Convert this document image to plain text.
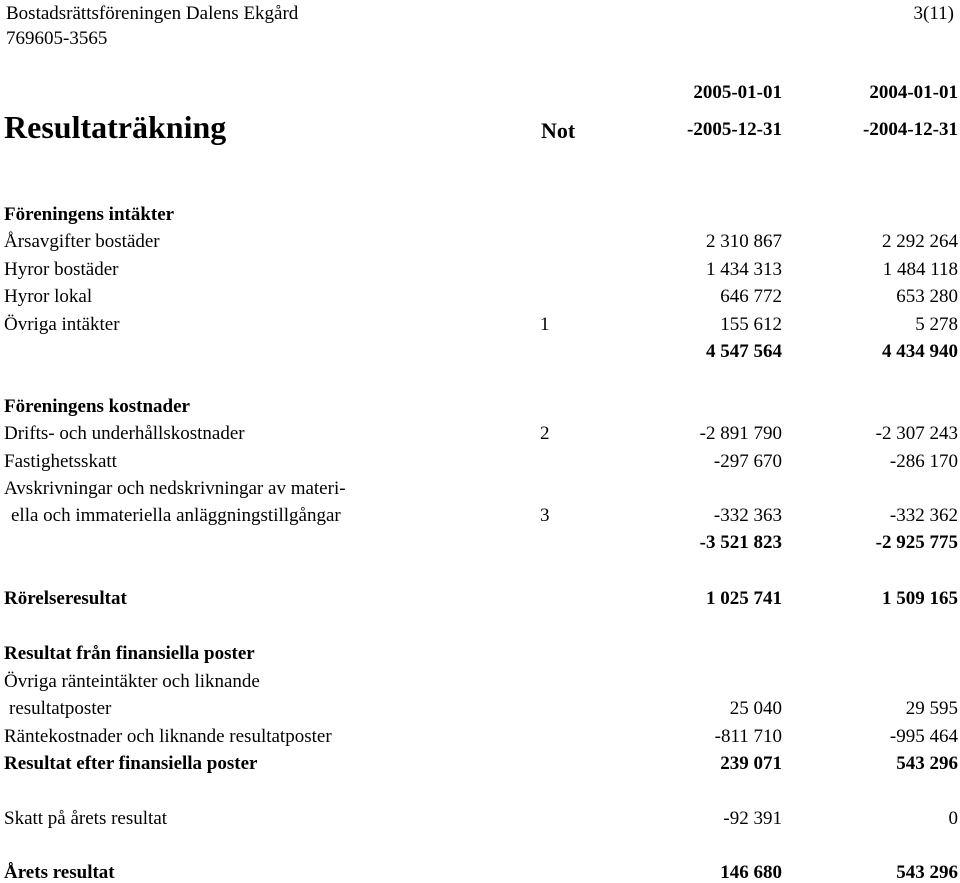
Bostadsrättsföreningen Dalens Ekgård
769605-3565
3(11)
2005-01-01	2004-01-01
Resultaträkning	Not	-2005-12-31	-2004-12-31
Föreningens intäkter
Årsavgifter bostäder	2 310 867	2 292 264
Hyror bostäder	1 434 313	1 484 118
Hyror lokal	646 772	653 280
Övriga intäkter	1	155 612	5 278
4 547 564	4 434 940
Föreningens kostnader
Drifts- och underhållskostnader	2	-2 891 790	-2 307 243
Fastighetsskatt	-297 670	-286 170
Avskrivningar och nedskrivningar av materi-
ella och immateriella anläggningstillgångar	3	-332 363	-332 362
-3 521 823	-2 925 775
Rörelseresultat	1 025 741	1 509 165
Resultat från finansiella poster
Övriga ränteintäkter och liknande
resultatposter	25 040	29 595
Räntekostnader och liknande resultatposter	-811 710	-995 464
Resultat efter finansiella poster	239 071	543 296
Skatt på årets resultat	-92 391	0
Årets resultat	146 680	543 296
